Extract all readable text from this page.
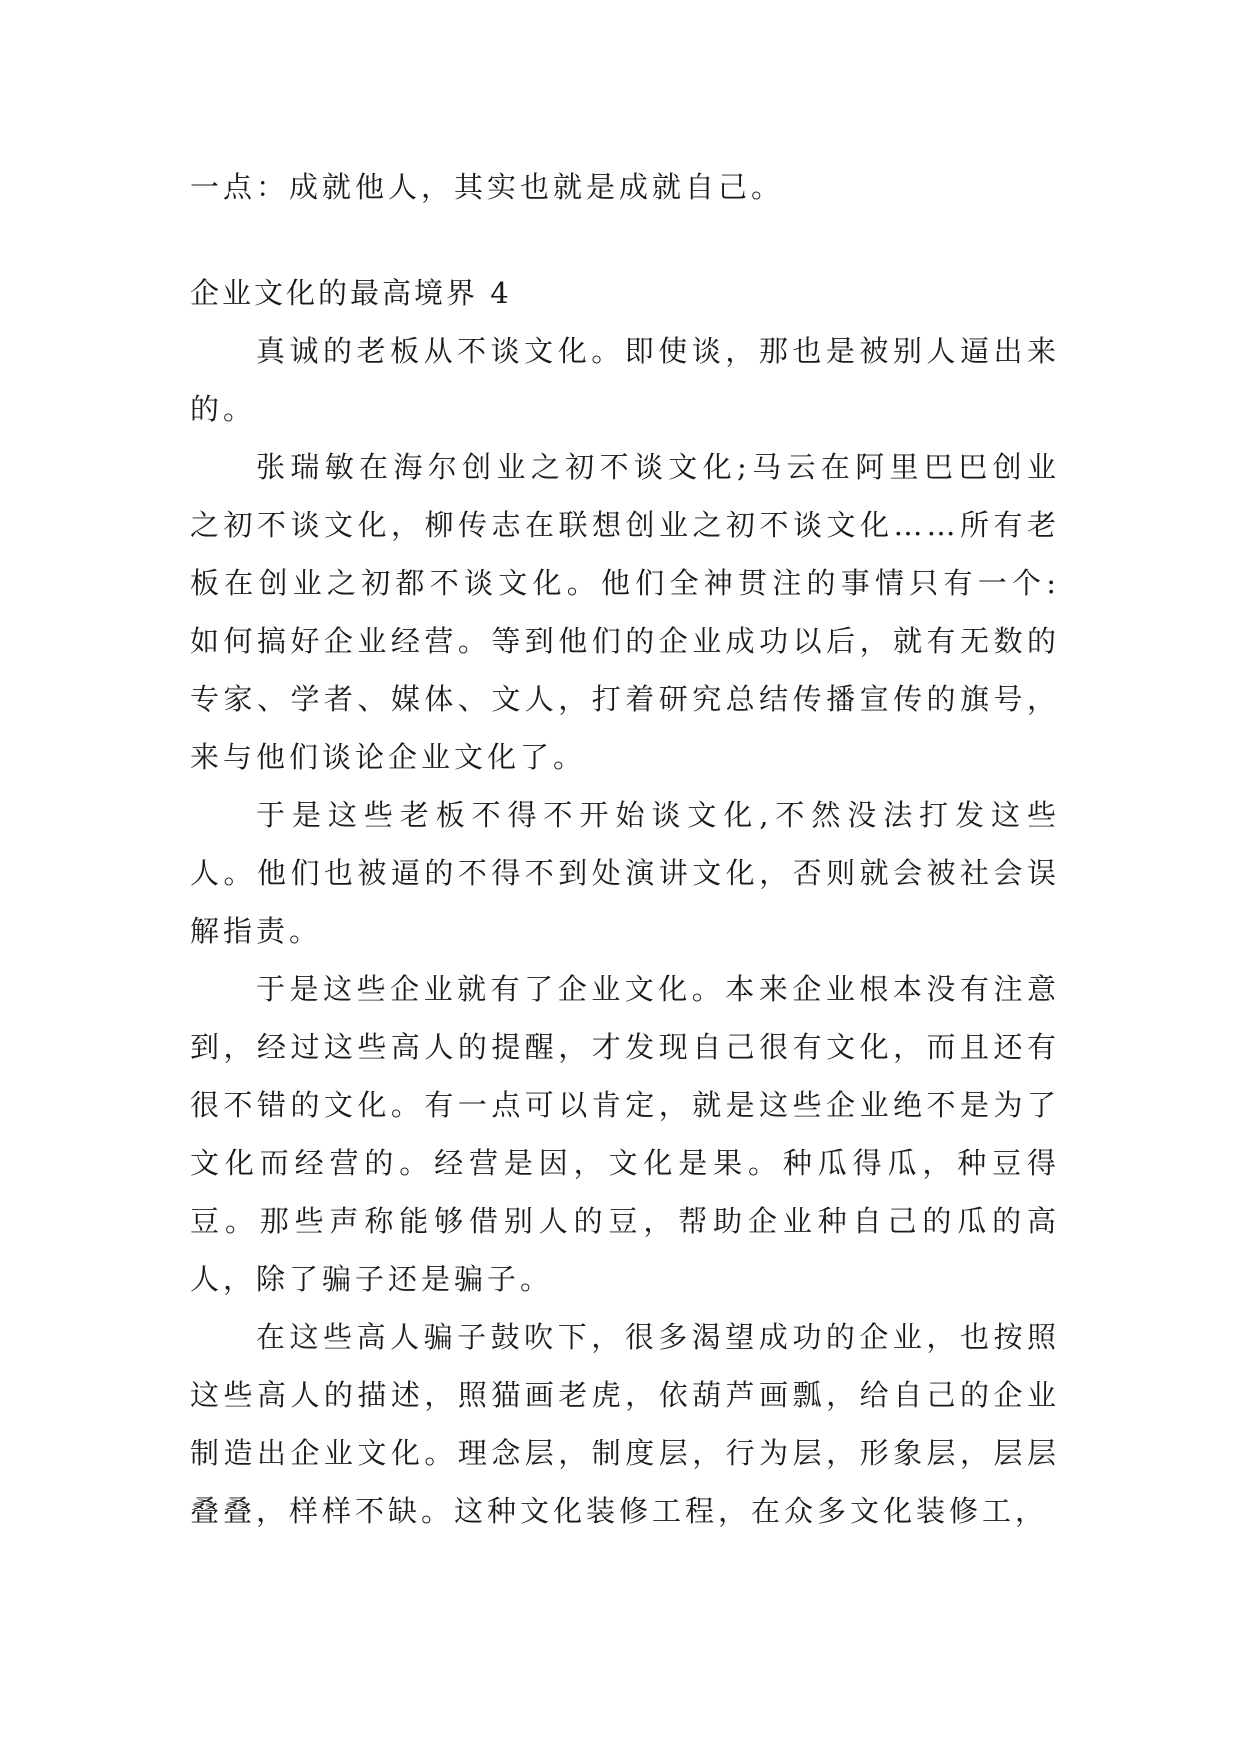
一点：成就他人，其实也就是成就自己。

企业文化的最高境界 4

真诚的老板从不谈文化。即使谈，那也是被别人逼出来的。

张瑞敏在海尔创业之初不谈文化;马云在阿里巴巴创业之初不谈文化，柳传志在联想创业之初不谈文化……所有老板在创业之初都不谈文化。他们全神贯注的事情只有一个:如何搞好企业经营。等到他们的企业成功以后，就有无数的专家、学者、媒体、文人，打着研究总结传播宣传的旗号，来与他们谈论企业文化了。

于是这些老板不得不开始谈文化,不然没法打发这些人。他们也被逼的不得不到处演讲文化，否则就会被社会误解指责。

于是这些企业就有了企业文化。本来企业根本没有注意到，经过这些高人的提醒，才发现自己很有文化，而且还有很不错的文化。有一点可以肯定，就是这些企业绝不是为了文化而经营的。经营是因，文化是果。种瓜得瓜，种豆得豆。那些声称能够借别人的豆，帮助企业种自己的瓜的高人，除了骗子还是骗子。

在这些高人骗子鼓吹下，很多渴望成功的企业，也按照这些高人的描述，照猫画老虎，依葫芦画瓢，给自己的企业制造出企业文化。理念层，制度层，行为层，形象层，层层叠叠，样样不缺。这种文化装修工程，在众多文化装修工，
